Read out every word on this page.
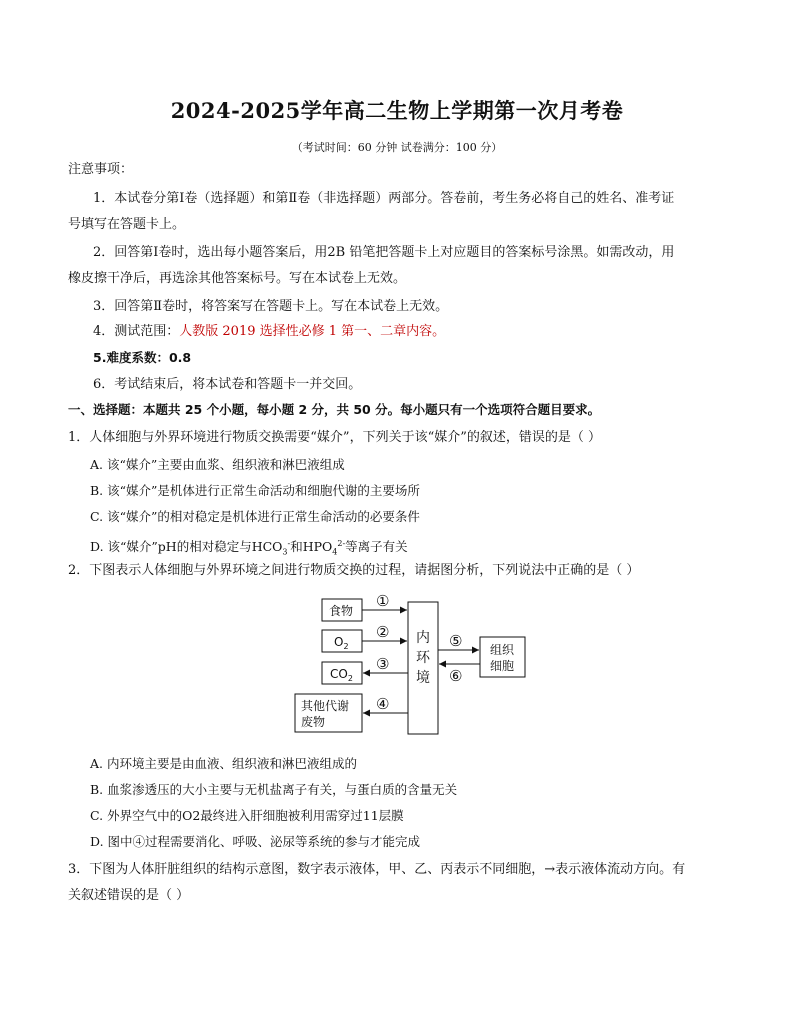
2024-2025学年高二生物上学期第一次月考卷
（考试时间：60 分钟 试卷满分：100 分）
注意事项：
1．本试卷分第Ⅰ卷（选择题）和第Ⅱ卷（非选择题）两部分。答卷前，考生务必将自己的姓名、准考证
号填写在答题卡上。
2．回答第Ⅰ卷时，选出每小题答案后，用2B 铅笔把答题卡上对应题目的答案标号涂黑。如需改动，用
橡皮擦干净后，再选涂其他答案标号。写在本试卷上无效。
3．回答第Ⅱ卷时，将答案写在答题卡上。写在本试卷上无效。
4．测试范围：人教版 2019 选择性必修 1 第一、二章内容。
5.难度系数：0.8
6．考试结束后，将本试卷和答题卡一并交回。
一、选择题：本题共 25 个小题，每小题 2 分，共 50 分。每小题只有一个选项符合题目要求。
1．人体细胞与外界环境进行物质交换需要“媒介”，下列关于该“媒介”的叙述，错误的是（ ）
A. 该“媒介”主要由血浆、组织液和淋巴液组成
B. 该“媒介”是机体进行正常生命活动和细胞代谢的主要场所
C. 该“媒介”的相对稳定是机体进行正常生命活动的必要条件
D. 该“媒介”pH的相对稳定与$HCO_3^-$和$HPO_4^{2-}$等离子有关
2．下图表示人体细胞与外界环境之间进行物质交换的过程，请据图分析，下列说法中正确的是（ ）
食物
$O_2$
$CO_2$
其他代谢
废物
内
环
境
组织
细胞
①
②
③
④
⑤
⑥
A. 内环境主要是由血液、组织液和淋巴液组成的
B. 血浆渗透压的大小主要与无机盐离子有关，与蛋白质的含量无关
C. 外界空气中的O2最终进入肝细胞被利用需穿过11层膜
D. 图中④过程需要消化、呼吸、泌尿等系统的参与才能完成
3．下图为人体肝脏组织的结构示意图，数字表示液体，甲、乙、丙表示不同细胞，→表示液体流动方向。有
关叙述错误的是（ ）
